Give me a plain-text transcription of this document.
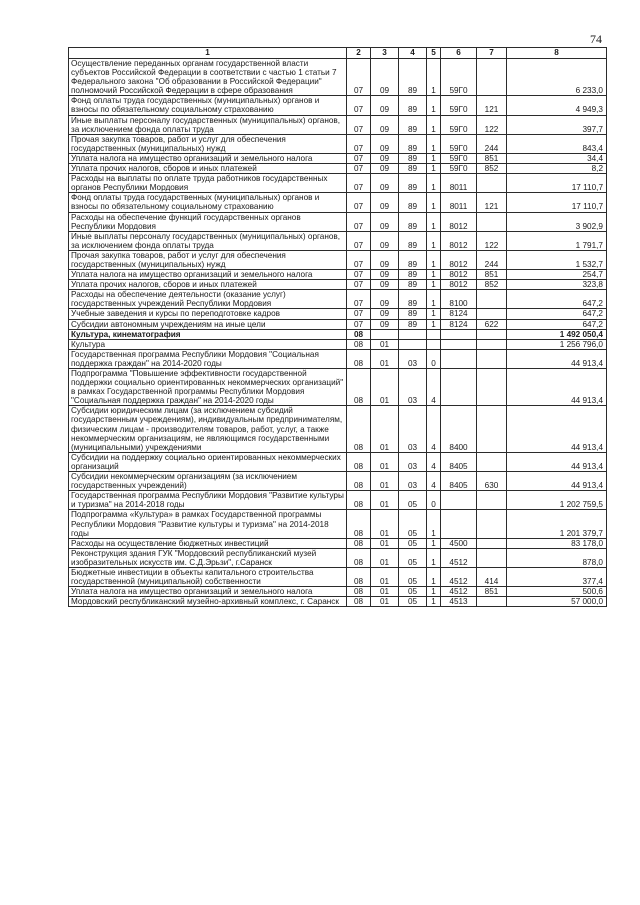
74
1	2	3	4	5	6	7	8
Осуществление переданных органам государственной власти субъектов Российской Федерации в соответствии с частью 1 статьи 7 Федерального закона "Об образовании в Российской Федерации" полномочий Российской Федерации в сфере образования	07	09	89	1	59Г0		6 233,0
Фонд оплаты труда государственных (муниципальных) органов и взносы по обязательному социальному страхованию	07	09	89	1	59Г0	121	4 949,3
Иные выплаты персоналу государственных (муниципальных) органов, за исключением фонда оплаты труда	07	09	89	1	59Г0	122	397,7
Прочая закупка товаров, работ и услуг для обеспечения государственных (муниципальных) нужд	07	09	89	1	59Г0	244	843,4
Уплата налога на имущество организаций и земельного налога	07	09	89	1	59Г0	851	34,4
Уплата прочих налогов, сборов и иных платежей	07	09	89	1	59Г0	852	8,2
Расходы на выплаты по оплате труда работников государственных органов Республики Мордовия	07	09	89	1	8011		17 110,7
Фонд оплаты труда государственных (муниципальных) органов и взносы по обязательному социальному страхованию	07	09	89	1	8011	121	17 110,7
Расходы на обеспечение функций государственных органов Республики Мордовия	07	09	89	1	8012		3 902,9
Иные выплаты персоналу государственных (муниципальных) органов, за исключением фонда оплаты труда	07	09	89	1	8012	122	1 791,7
Прочая закупка товаров, работ и услуг для обеспечения государственных (муниципальных) нужд	07	09	89	1	8012	244	1 532,7
Уплата налога на имущество организаций и земельного налога	07	09	89	1	8012	851	254,7
Уплата прочих налогов, сборов и иных платежей	07	09	89	1	8012	852	323,8
Расходы на обеспечение деятельности (оказание услуг) государственных учреждений Республики Мордовия	07	09	89	1	8100		647,2
Учебные заведения и курсы по переподготовке кадров	07	09	89	1	8124		647,2
Субсидии автономным учреждениям на иные цели	07	09	89	1	8124	622	647,2
Культура, кинематография	08						1 492 050,4
Культура	08	01					1 256 796,0
Государственная программа Республики Мордовия "Социальная поддержка граждан" на 2014-2020 годы	08	01	03	0			44 913,4
Подпрограмма "Повышение эффективности государственной поддержки социально ориентированных некоммерческих организаций" в рамках Государственной программы Республики Мордовия "Социальная поддержка граждан" на 2014-2020 годы	08	01	03	4			44 913,4
Субсидии юридическим лицам (за исключением субсидий государственным учреждениям), индивидуальным предпринимателям, физическим лицам - производителям товаров, работ, услуг, а также некоммерческим организациям, не являющимся государственными (муниципальными) учреждениями	08	01	03	4	8400		44 913,4
Субсидии на поддержку социально ориентированных некоммерческих организаций	08	01	03	4	8405		44 913,4
Субсидии некоммерческим организациям (за исключением государственных учреждений)	08	01	03	4	8405	630	44 913,4
Государственная программа Республики Мордовия "Развитие культуры и туризма" на 2014-2018 годы	08	01	05	0			1 202 759,5
Подпрограмма «Культура» в рамках Государственной программы Республики Мордовия "Развитие культуры и туризма" на 2014-2018 годы	08	01	05	1			1 201 379,7
Расходы на осуществление бюджетных инвестиций	08	01	05	1	4500		83 178,0
Реконструкция здания ГУК "Мордовский республиканский музей изобразительных искусств им. С.Д.Эрьзи", г.Саранск	08	01	05	1	4512		878,0
Бюджетные инвестиции в объекты капитального строительства государственной (муниципальной) собственности	08	01	05	1	4512	414	377,4
Уплата налога на имущество организаций и земельного налога	08	01	05	1	4512	851	500,6
Мордовский республиканский музейно-архивный комплекс, г. Саранск	08	01	05	1	4513		57 000,0
